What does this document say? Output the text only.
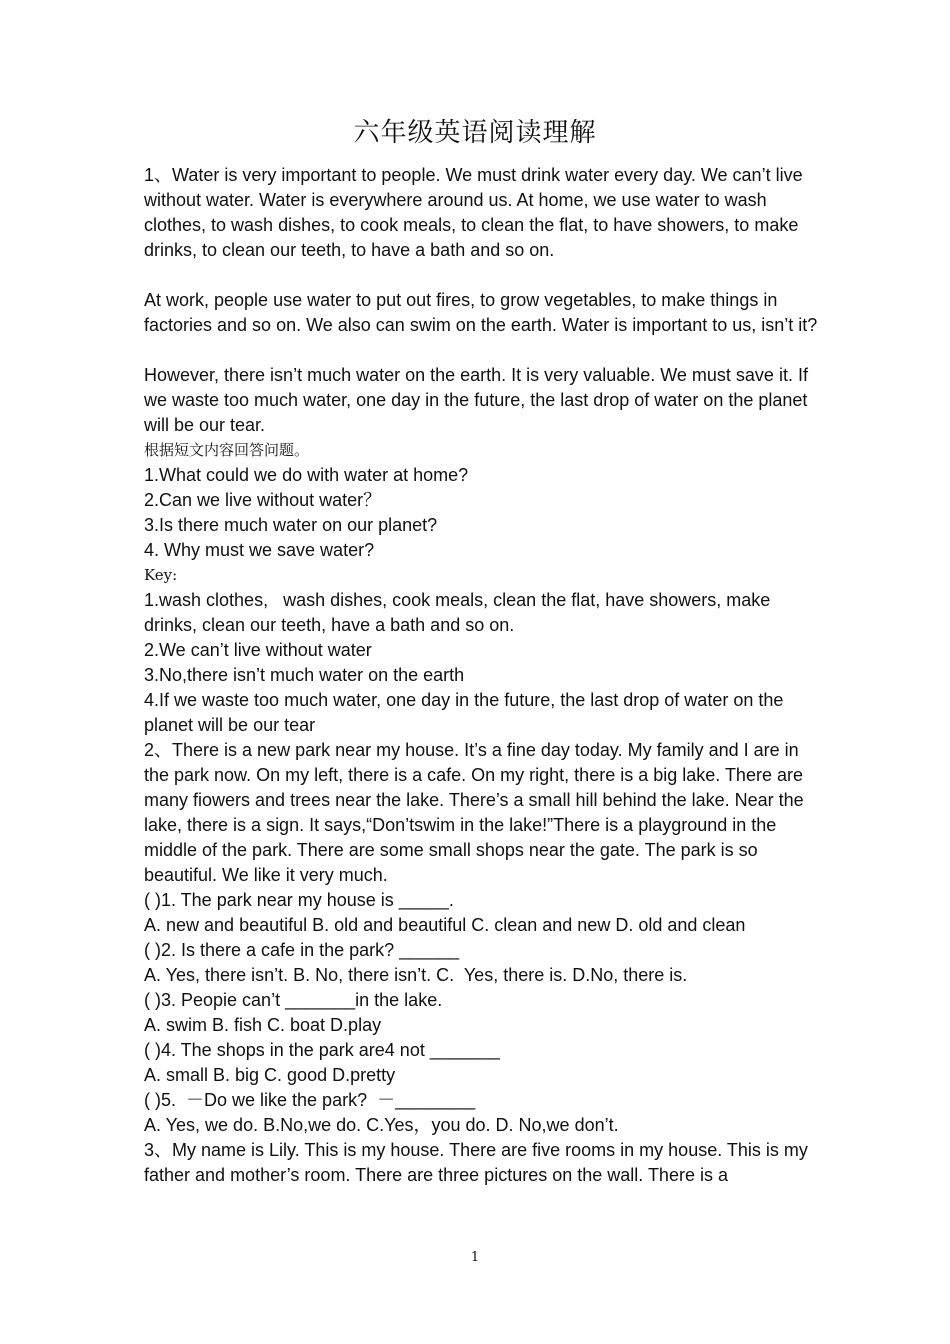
六年级英语阅读理解

1、Water is very important to people. We must drink water every day. We can’t live without water. Water is everywhere around us. At home, we use water to wash clothes, to wash dishes, to cook meals, to clean the flat, to have showers, to make drinks, to clean our teeth, to have a bath and so on.

At work, people use water to put out fires, to grow vegetables, to make things in factories and so on. We also can swim on the earth. Water is important to us, isn’t it?

However, there isn’t much water on the earth. It is very valuable. We must save it. If we waste too much water, one day in the future, the last drop of water on the planet will be our tear.

根据短文内容回答问题。

1.What could we do with water at home?

2.Can we live without water？

3.Is there much water on our planet?

4. Why must we save water?

Key:

1.wash clothes,   wash dishes, cook meals, clean the flat, have showers, make drinks, clean our teeth, have a bath and so on.

2.We can’t live without water

3.No,there isn’t much water on the earth

4.If we waste too much water, one day in the future, the last drop of water on the planet will be our tear

2、There is a new park near my house. It’s a fine day today. My family and I are in the park now. On my left, there is a cafe. On my right, there is a big lake. There are many fiowers and trees near the lake. There’s a small hill behind the lake. Near the lake, there is a sign. It says,“Don’tswim in the lake!”There is a playground in the middle of the park. There are some small shops near the gate. The park is so beautiful. We like it very much.

( )1. The park near my house is _____.

A. new and beautiful B. old and beautiful C. clean and new D. old and clean

( )2. Is there a cafe in the park? ______

A. Yes, there isn’t. B. No, there isn’t. C.  Yes, there is. D.No, there is.

( )3. Peopie can’t _______in the lake.

A. swim B. fish C. boat D.play

( )4. The shops in the park are4 not _______

A. small B. big C. good D.pretty

( )5.  －Do we like the park?  －________

A. Yes, we do. B.No,we do. C.Yes，you do. D. No,we don’t.

3、My name is Lily. This is my house. There are five rooms in my house. This is my father and mother’s room. There are three pictures on the wall. There is a

1
